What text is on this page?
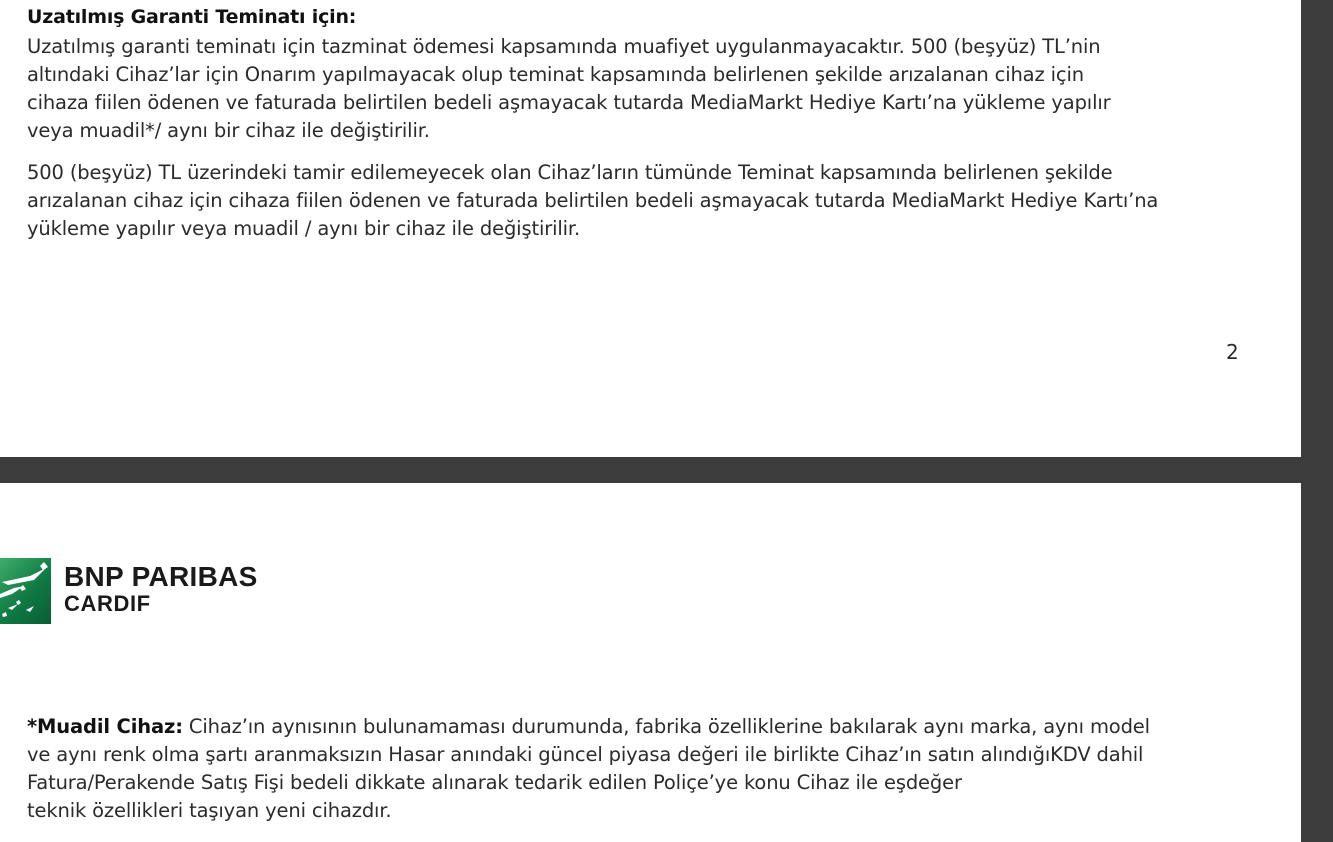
Uzatılmış Garanti Teminatı için:
Uzatılmış garanti teminatı için tazminat ödemesi kapsamında muafiyet uygulanmayacaktır. 500 (beşyüz) TL’nin
altındaki Cihaz’lar için Onarım yapılmayacak olup teminat kapsamında belirlenen şekilde arızalanan cihaz için
cihaza fiilen ödenen ve faturada belirtilen bedeli aşmayacak tutarda MediaMarkt Hediye Kartı’na yükleme yapılır
veya muadil*/ aynı bir cihaz ile değiştirilir.
500 (beşyüz) TL üzerindeki tamir edilemeyecek olan Cihaz’ların tümünde Teminat kapsamında belirlenen şekilde
arızalanan cihaz için cihaza fiilen ödenen ve faturada belirtilen bedeli aşmayacak tutarda MediaMarkt Hediye Kartı’na
yükleme yapılır veya muadil / aynı bir cihaz ile değiştirilir.
2
BNP PARIBAS
CARDIF
*Muadil Cihaz: Cihaz’ın aynısının bulunamaması durumunda, fabrika özelliklerine bakılarak aynı marka, aynı model
ve aynı renk olma şartı aranmaksızın Hasar anındaki güncel piyasa değeri ile birlikte Cihaz’ın satın alındığıKDV dahil
Fatura/Perakende Satış Fişi bedeli dikkate alınarak tedarik edilen Poliçe’ye konu Cihaz ile eşdeğer
teknik özellikleri taşıyan yeni cihazdır.
